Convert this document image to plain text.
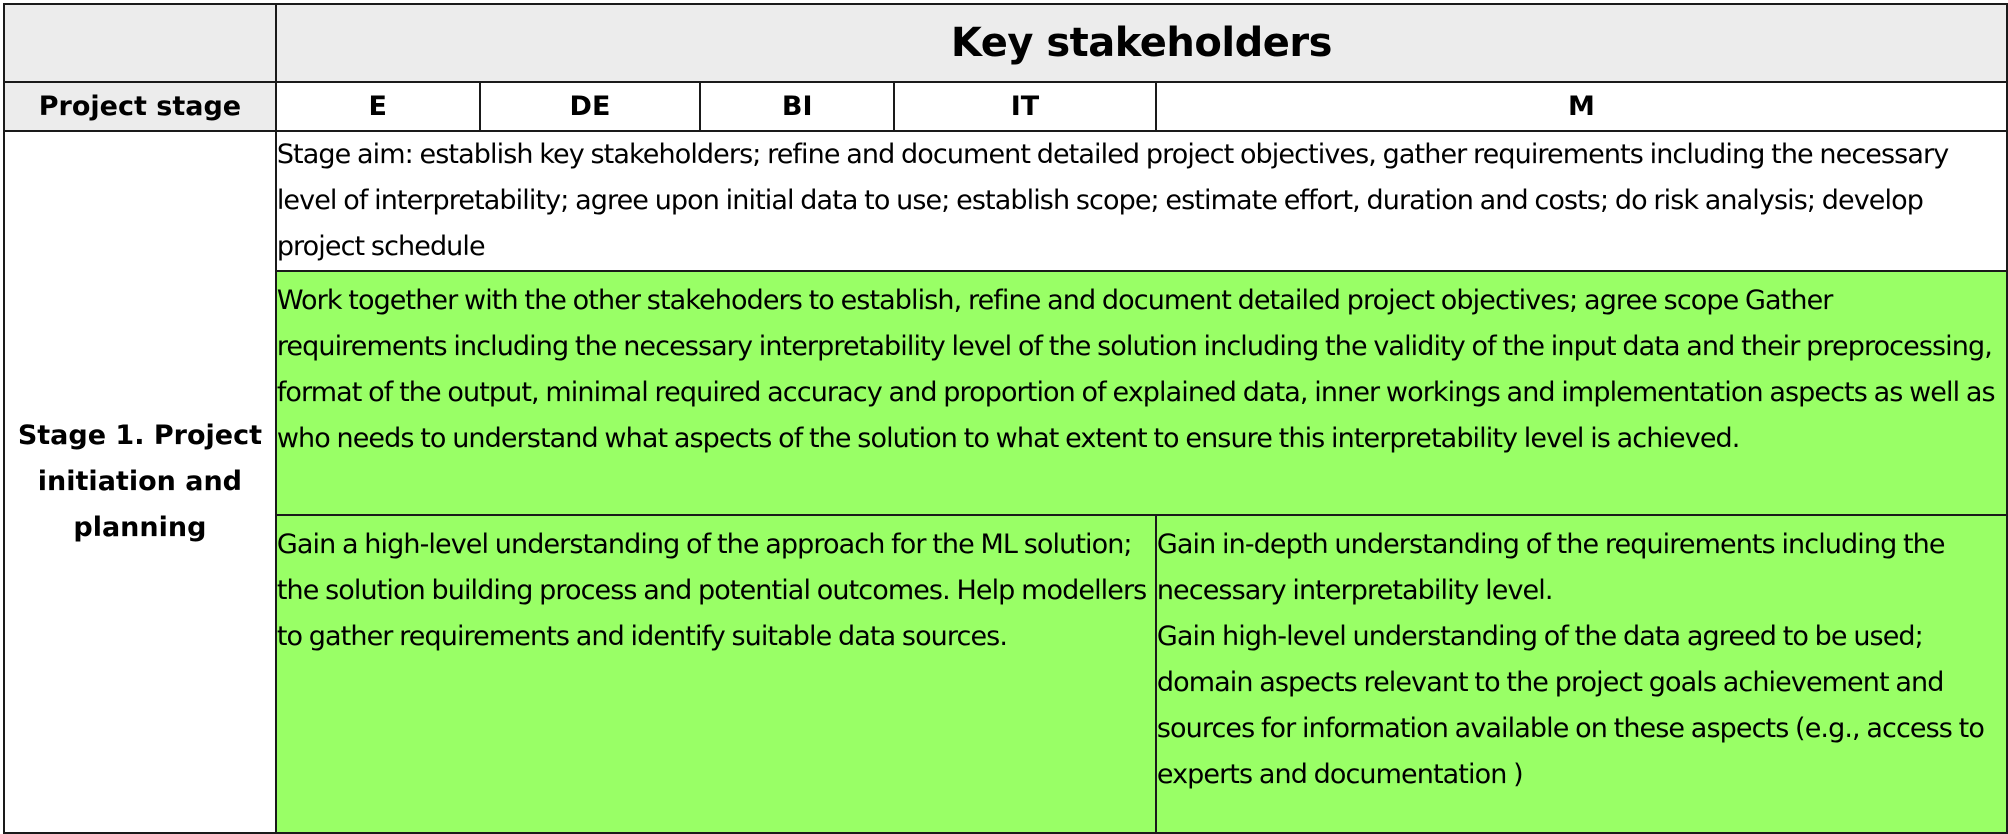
	Key stakeholders				
Project stage	E	DE	BI	IT	M
Stage 1. Project initiation and planning	Stage aim: establish key stakeholders; refine and document detailed project objectives, gather requirements including the necessary level of interpretability; agree upon initial data to use; establish scope; estimate effort, duration and costs; do risk analysis; develop project schedule				
	Work together with the other stakehoders to establish, refine and document detailed project objectives; agree scope Gather requirements including the necessary interpretability level of the solution including the validity of the input data and their preprocessing, format of the output, minimal required accuracy and proportion of explained data, inner workings and implementation aspects as well as who needs to understand what aspects of the solution to what extent to ensure this interpretability level is achieved.				
	Gain a high-level understanding of the approach for the ML solution; the solution building process and potential outcomes. Help modellers to gather requirements and identify suitable data sources.				Gain in-depth understanding of the requirements including the necessary interpretability level.
Gain high-level understanding of the data agreed to be used; domain aspects relevant to the project goals achievement and sources for information available on these aspects (e.g., access to experts and documentation )
